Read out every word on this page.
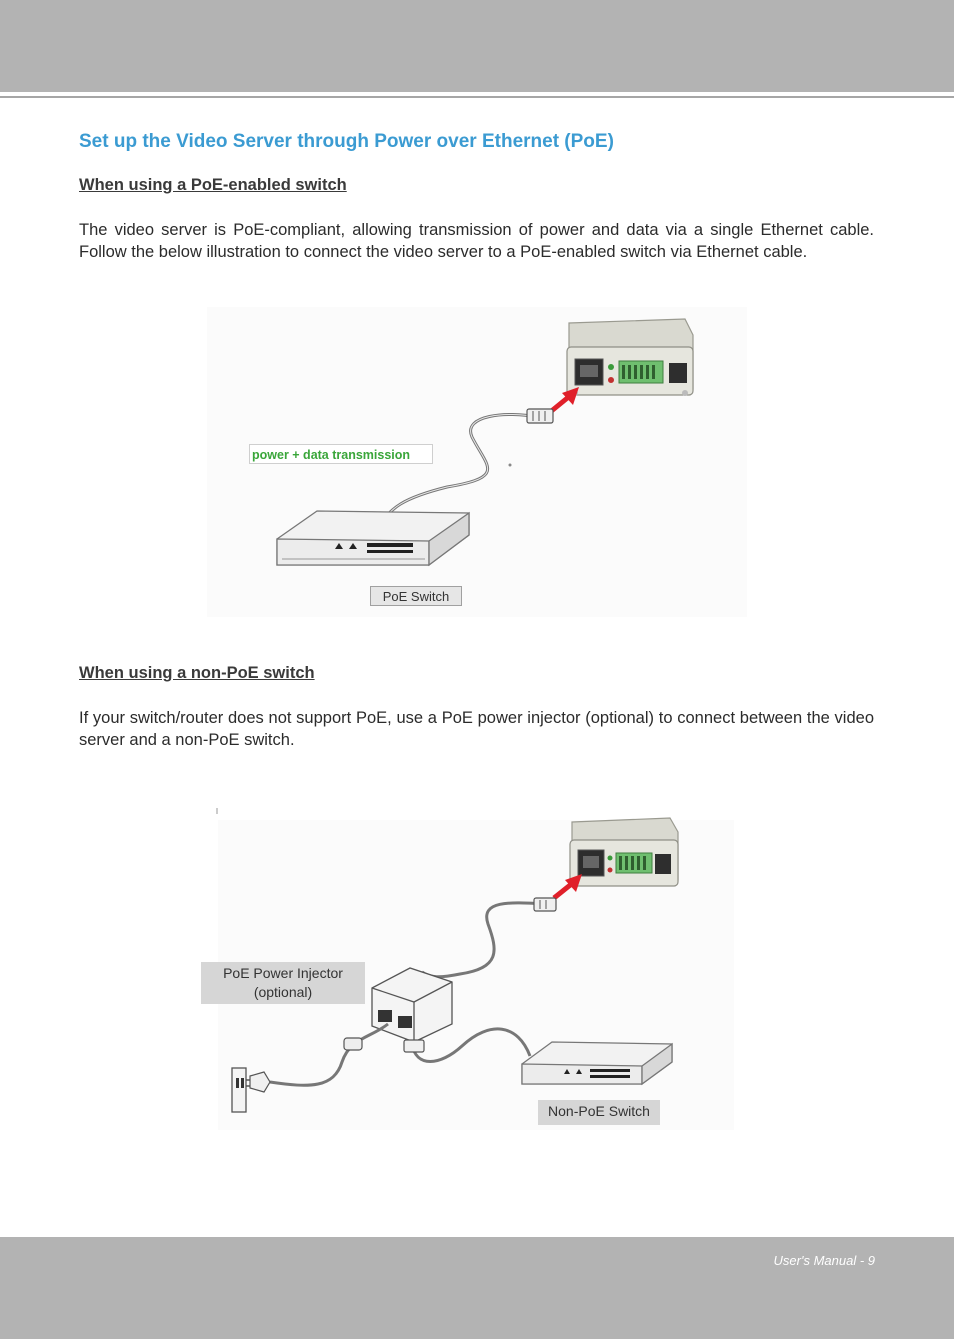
Set up the Video Server through Power over Ethernet (PoE)
When using a PoE-enabled switch

The video server is PoE-compliant, allowing transmission of power and data via a single Ethernet cable. Follow the below illustration to connect the video server to a PoE-enabled switch via Ethernet cable.

power + data transmission
PoE Switch
When using a non-PoE switch

If your switch/router does not support PoE, use a PoE power injector (optional) to connect between the video server and a non-PoE switch.

PoE Power Injector
(optional)
Non-PoE Switch
User's Manual - 9
